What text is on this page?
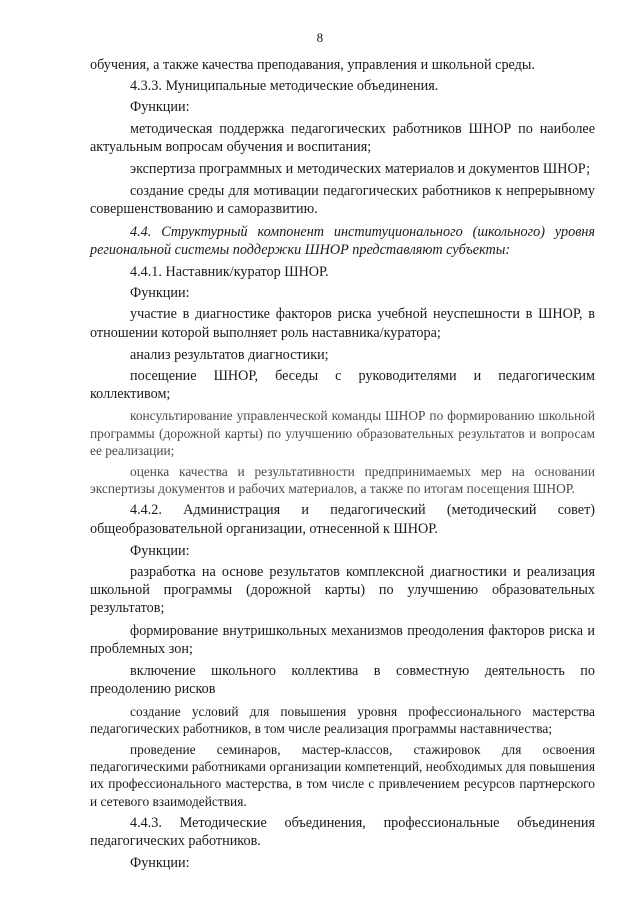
8

обучения, а также качества преподавания, управления и школьной среды.

4.3.3. Муниципальные методические объединения.

Функции:

методическая поддержка педагогических работников ШНОР по наиболее актуальным вопросам обучения и воспитания;

экспертиза программных и методических материалов и документов ШНОР;

создание среды для мотивации педагогических работников к непрерывному совершенствованию и саморазвитию.

4.4. Структурный компонент институционального (школьного) уровня региональной системы поддержки ШНОР представляют субъекты:

4.4.1. Наставник/куратор ШНОР.

Функции:

участие в диагностике факторов риска учебной неуспешности в ШНОР, в отношении которой выполняет роль наставника/куратора;

анализ результатов диагностики;

посещение ШНОР, беседы с руководителями и педагогическим коллективом;

консультирование управленческой команды ШНОР по формированию школьной программы (дорожной карты) по улучшению образовательных результатов и вопросам ее реализации;

оценка качества и результативности предпринимаемых мер на основании экспертизы документов и рабочих материалов, а также по итогам посещения ШНОР.

4.4.2. Администрация и педагогический (методический совет) общеобразовательной организации, отнесенной к ШНОР.

Функции:

разработка на основе результатов комплексной диагностики и реализация школьной программы (дорожной карты) по улучшению образовательных результатов;

формирование внутришкольных механизмов преодоления факторов риска и проблемных зон;

включение школьного коллектива в совместную деятельность по преодолению рисков

создание условий для повышения уровня профессионального мастерства педагогических работников, в том числе реализация программы наставничества;

проведение семинаров, мастер-классов, стажировок для освоения педагогическими работниками организации компетенций, необходимых для повышения их профессионального мастерства, в том числе с привлечением ресурсов партнерского и сетевого взаимодействия.

4.4.3. Методические объединения, профессиональные объединения педагогических работников.

Функции:
